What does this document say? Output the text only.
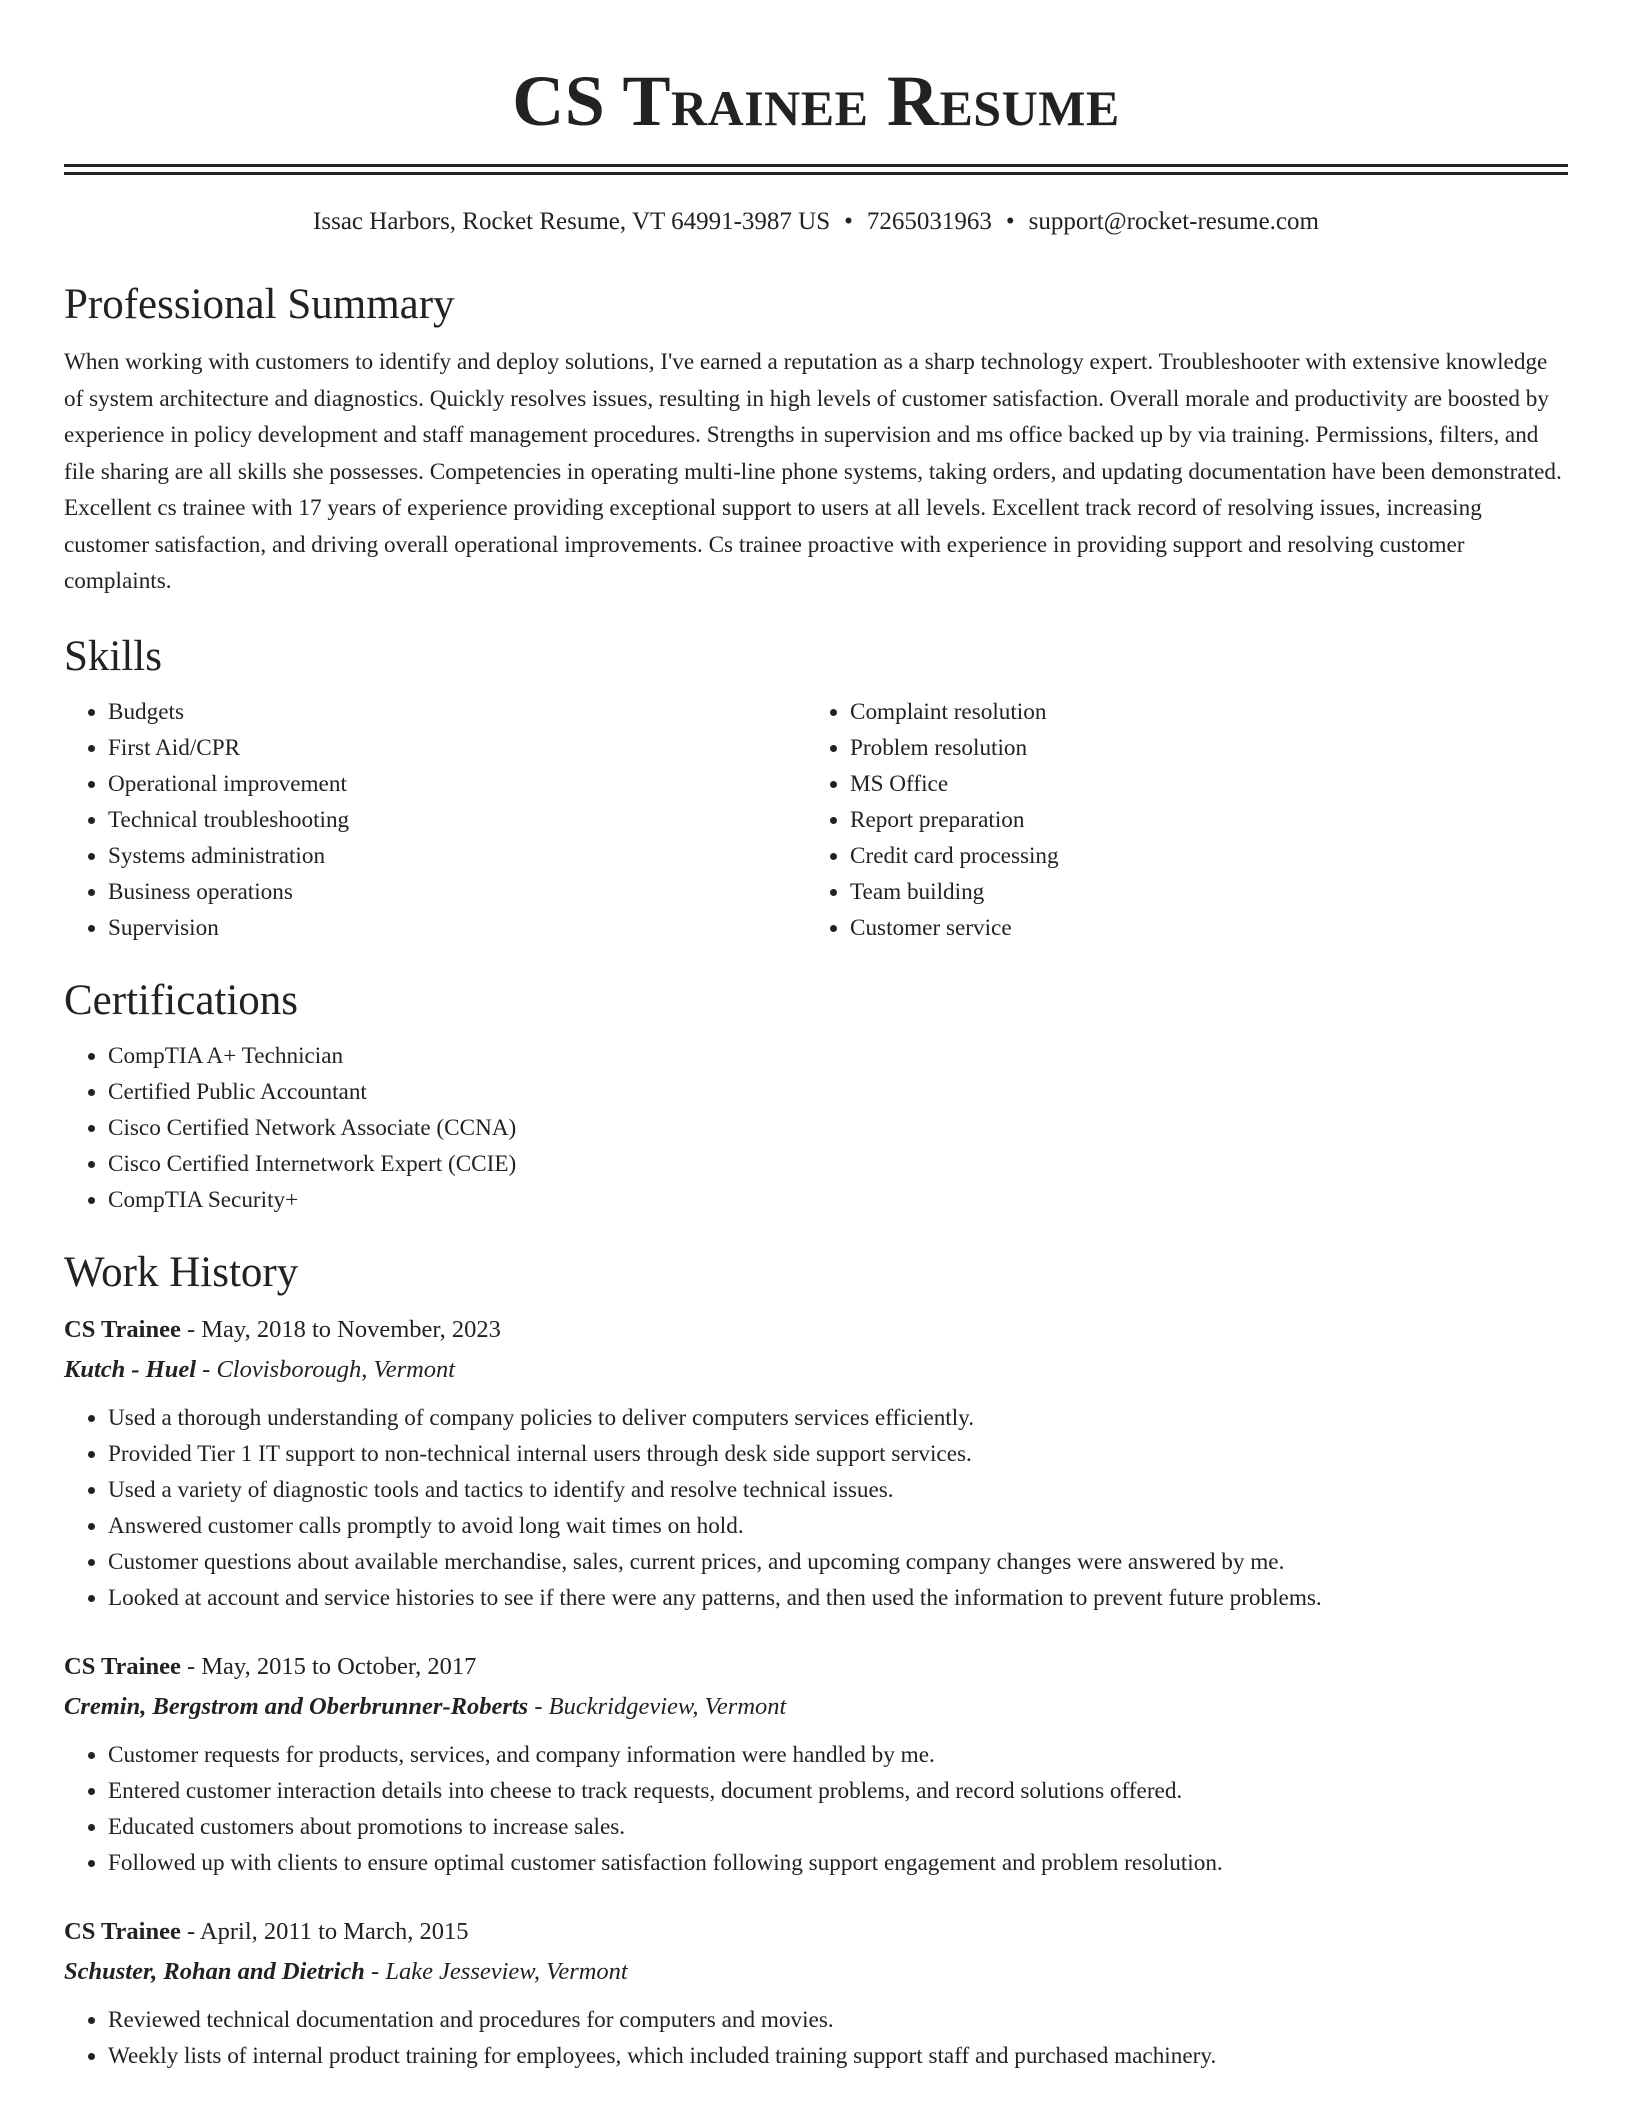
CS Trainee Resume
Issac Harbors, Rocket Resume, VT 64991-3987 US • 7265031963 • support@rocket-resume.com
Professional Summary

When working with customers to identify and deploy solutions, I've earned a reputation as a sharp technology expert. Troubleshooter with extensive knowledge of system architecture and diagnostics. Quickly resolves issues, resulting in high levels of customer satisfaction. Overall morale and productivity are boosted by experience in policy development and staff management procedures. Strengths in supervision and ms office backed up by via training. Permissions, filters, and file sharing are all skills she possesses. Competencies in operating multi-line phone systems, taking orders, and updating documentation have been demonstrated. Excellent cs trainee with 17 years of experience providing exceptional support to users at all levels. Excellent track record of resolving issues, increasing customer satisfaction, and driving overall operational improvements. Cs trainee proactive with experience in providing support and resolving customer complaints.

Skills
• Budgets
• First Aid/CPR
• Operational improvement
• Technical troubleshooting
• Systems administration
• Business operations
• Supervision
• Complaint resolution
• Problem resolution
• MS Office
• Report preparation
• Credit card processing
• Team building
• Customer service
Certifications
• CompTIA A+ Technician
• Certified Public Accountant
• Cisco Certified Network Associate (CCNA)
• Cisco Certified Internetwork Expert (CCIE)
• CompTIA Security+
Work History
CS Trainee - May, 2018 to November, 2023
Kutch - Huel - Clovisborough, Vermont
• Used a thorough understanding of company policies to deliver computers services efficiently.
• Provided Tier 1 IT support to non-technical internal users through desk side support services.
• Used a variety of diagnostic tools and tactics to identify and resolve technical issues.
• Answered customer calls promptly to avoid long wait times on hold.
• Customer questions about available merchandise, sales, current prices, and upcoming company changes were answered by me.
• Looked at account and service histories to see if there were any patterns, and then used the information to prevent future problems.
CS Trainee - May, 2015 to October, 2017
Cremin, Bergstrom and Oberbrunner-Roberts - Buckridgeview, Vermont
• Customer requests for products, services, and company information were handled by me.
• Entered customer interaction details into cheese to track requests, document problems, and record solutions offered.
• Educated customers about promotions to increase sales.
• Followed up with clients to ensure optimal customer satisfaction following support engagement and problem resolution.
CS Trainee - April, 2011 to March, 2015
Schuster, Rohan and Dietrich - Lake Jesseview, Vermont
• Reviewed technical documentation and procedures for computers and movies.
• Weekly lists of internal product training for employees, which included training support staff and purchased machinery.
